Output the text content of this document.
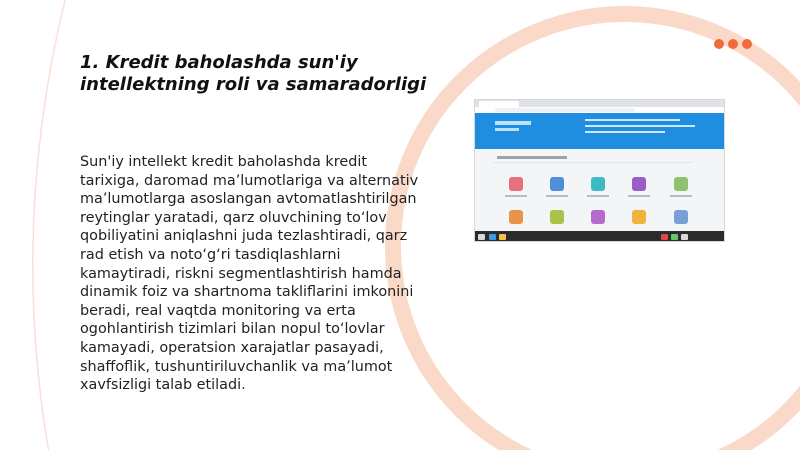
1. Kredit baholashda sun'iy intellektning roli va samaradorligi
Sun'iy intellekt kredit baholashda kredit tarixiga, daromad ma’lumotlariga va alternativ ma’lumotlarga asoslangan avtomatlashtirilgan reytinglar yaratadi, qarz oluvchining to‘lov qobiliyatini aniqlashni juda tezlashtiradi, qarz rad etish va noto‘g‘ri tasdiqlashlarni kamaytiradi, riskni segmentlashtirish hamda dinamik foiz va shartnoma takliflarini imkonini beradi, real vaqtda monitoring va erta ogohlantirish tizimlari bilan nopul to‘lovlar kamayadi, operatsion xarajatlar pasayadi, shaffoflik, tushuntiriluvchanlik va ma’lumot xavfsizligi talab etiladi.
